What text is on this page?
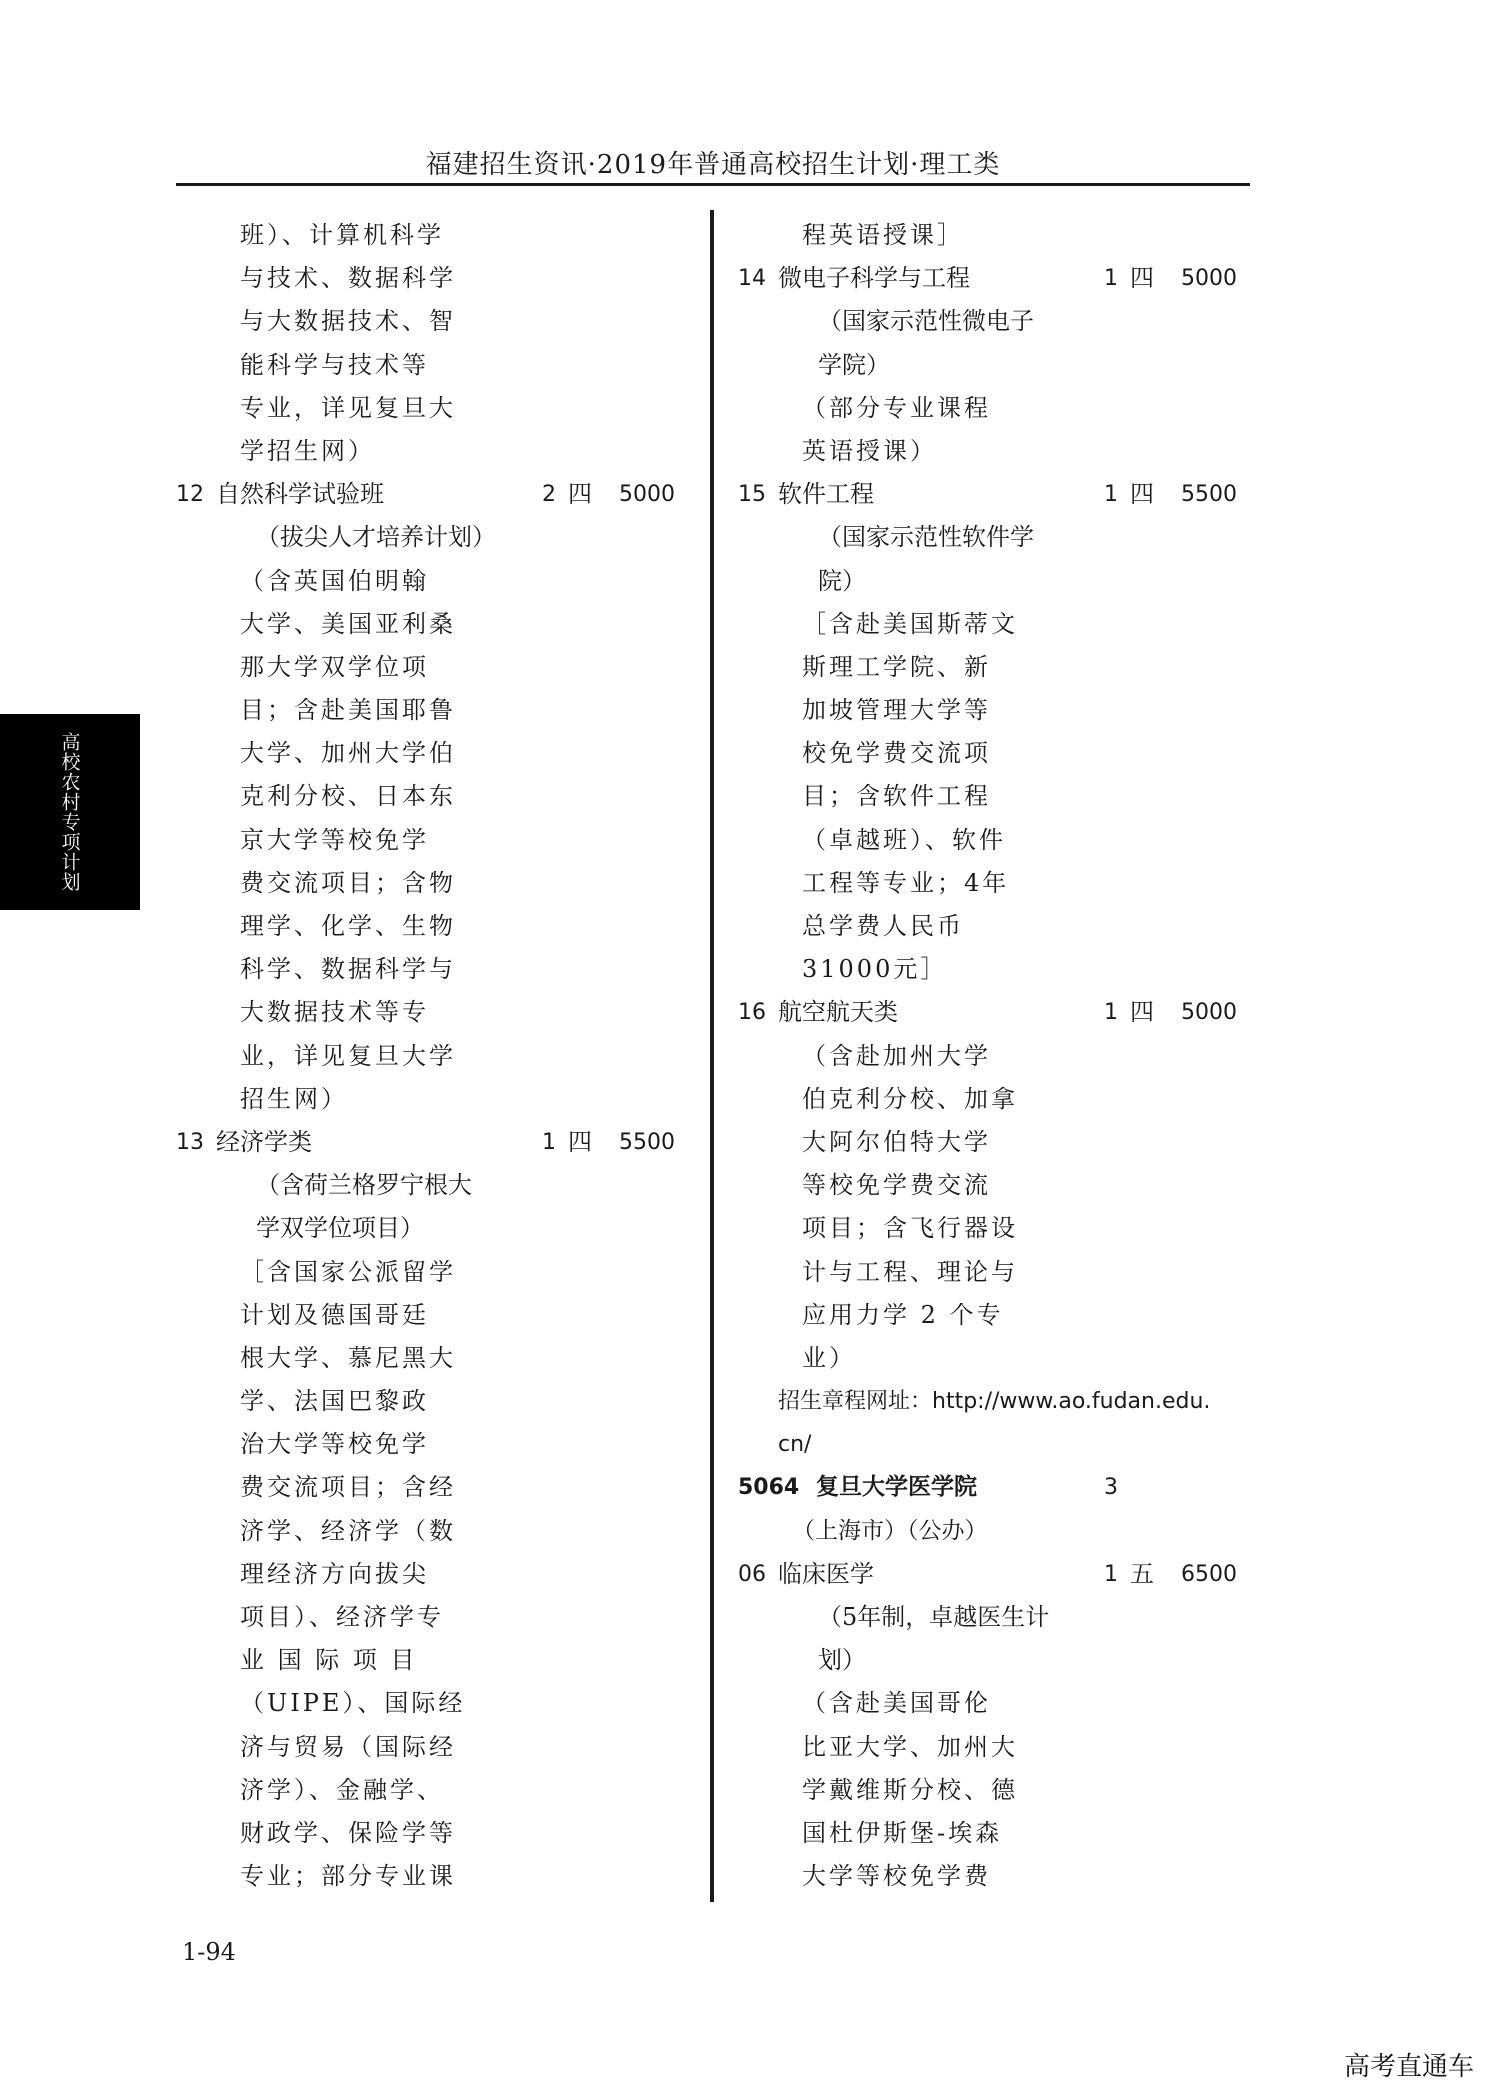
福建招生资讯·2019年普通高校招生计划·理工类
高校农村专项计划
班）、计算机科学
与技术、数据科学
与大数据技术、智
能科学与技术等
专业，详见复旦大
学招生网）
12 自然科学试验班	2 四 5000
（拔尖人才培养计划）
（含英国伯明翰
大学、美国亚利桑
那大学双学位项
目；含赴美国耶鲁
大学、加州大学伯
克利分校、日本东
京大学等校免学
费交流项目；含物
理学、化学、生物
科学、数据科学与
大数据技术等专
业，详见复旦大学
招生网）
13 经济学类	1 四 5500
（含荷兰格罗宁根大
学双学位项目）
［含国家公派留学
计划及德国哥廷
根大学、慕尼黑大
学、法国巴黎政
治大学等校免学
费交流项目；含经
济学、经济学（数
理经济方向拔尖
项目）、经济学专
业 国 际 项 目
（UIPE）、国际经
济与贸易（国际经
济学）、金融学、
财政学、保险学等
专业；部分专业课
程英语授课］
14 微电子科学与工程	1 四 5000
（国家示范性微电子
学院）
（部分专业课程
英语授课）
15 软件工程	1 四 5500
（国家示范性软件学
院）
［含赴美国斯蒂文
斯理工学院、新
加坡管理大学等
校免学费交流项
目；含软件工程
（卓越班）、软件
工程等专业；4年
总学费人民币
31000元］
16 航空航天类	1 四 5000
（含赴加州大学
伯克利分校、加拿
大阿尔伯特大学
等校免学费交流
项目；含飞行器设
计与工程、理论与
应用力学 2 个专
业）
招生章程网址：http://www.ao.fudan.edu.
cn/
5064 复旦大学医学院	3
（上海市）（公办）
06 临床医学	1 五 6500
（5年制，卓越医生计
划）
（含赴美国哥伦
比亚大学、加州大
学戴维斯分校、德
国杜伊斯堡-埃森
大学等校免学费
1-94
高考直通车
